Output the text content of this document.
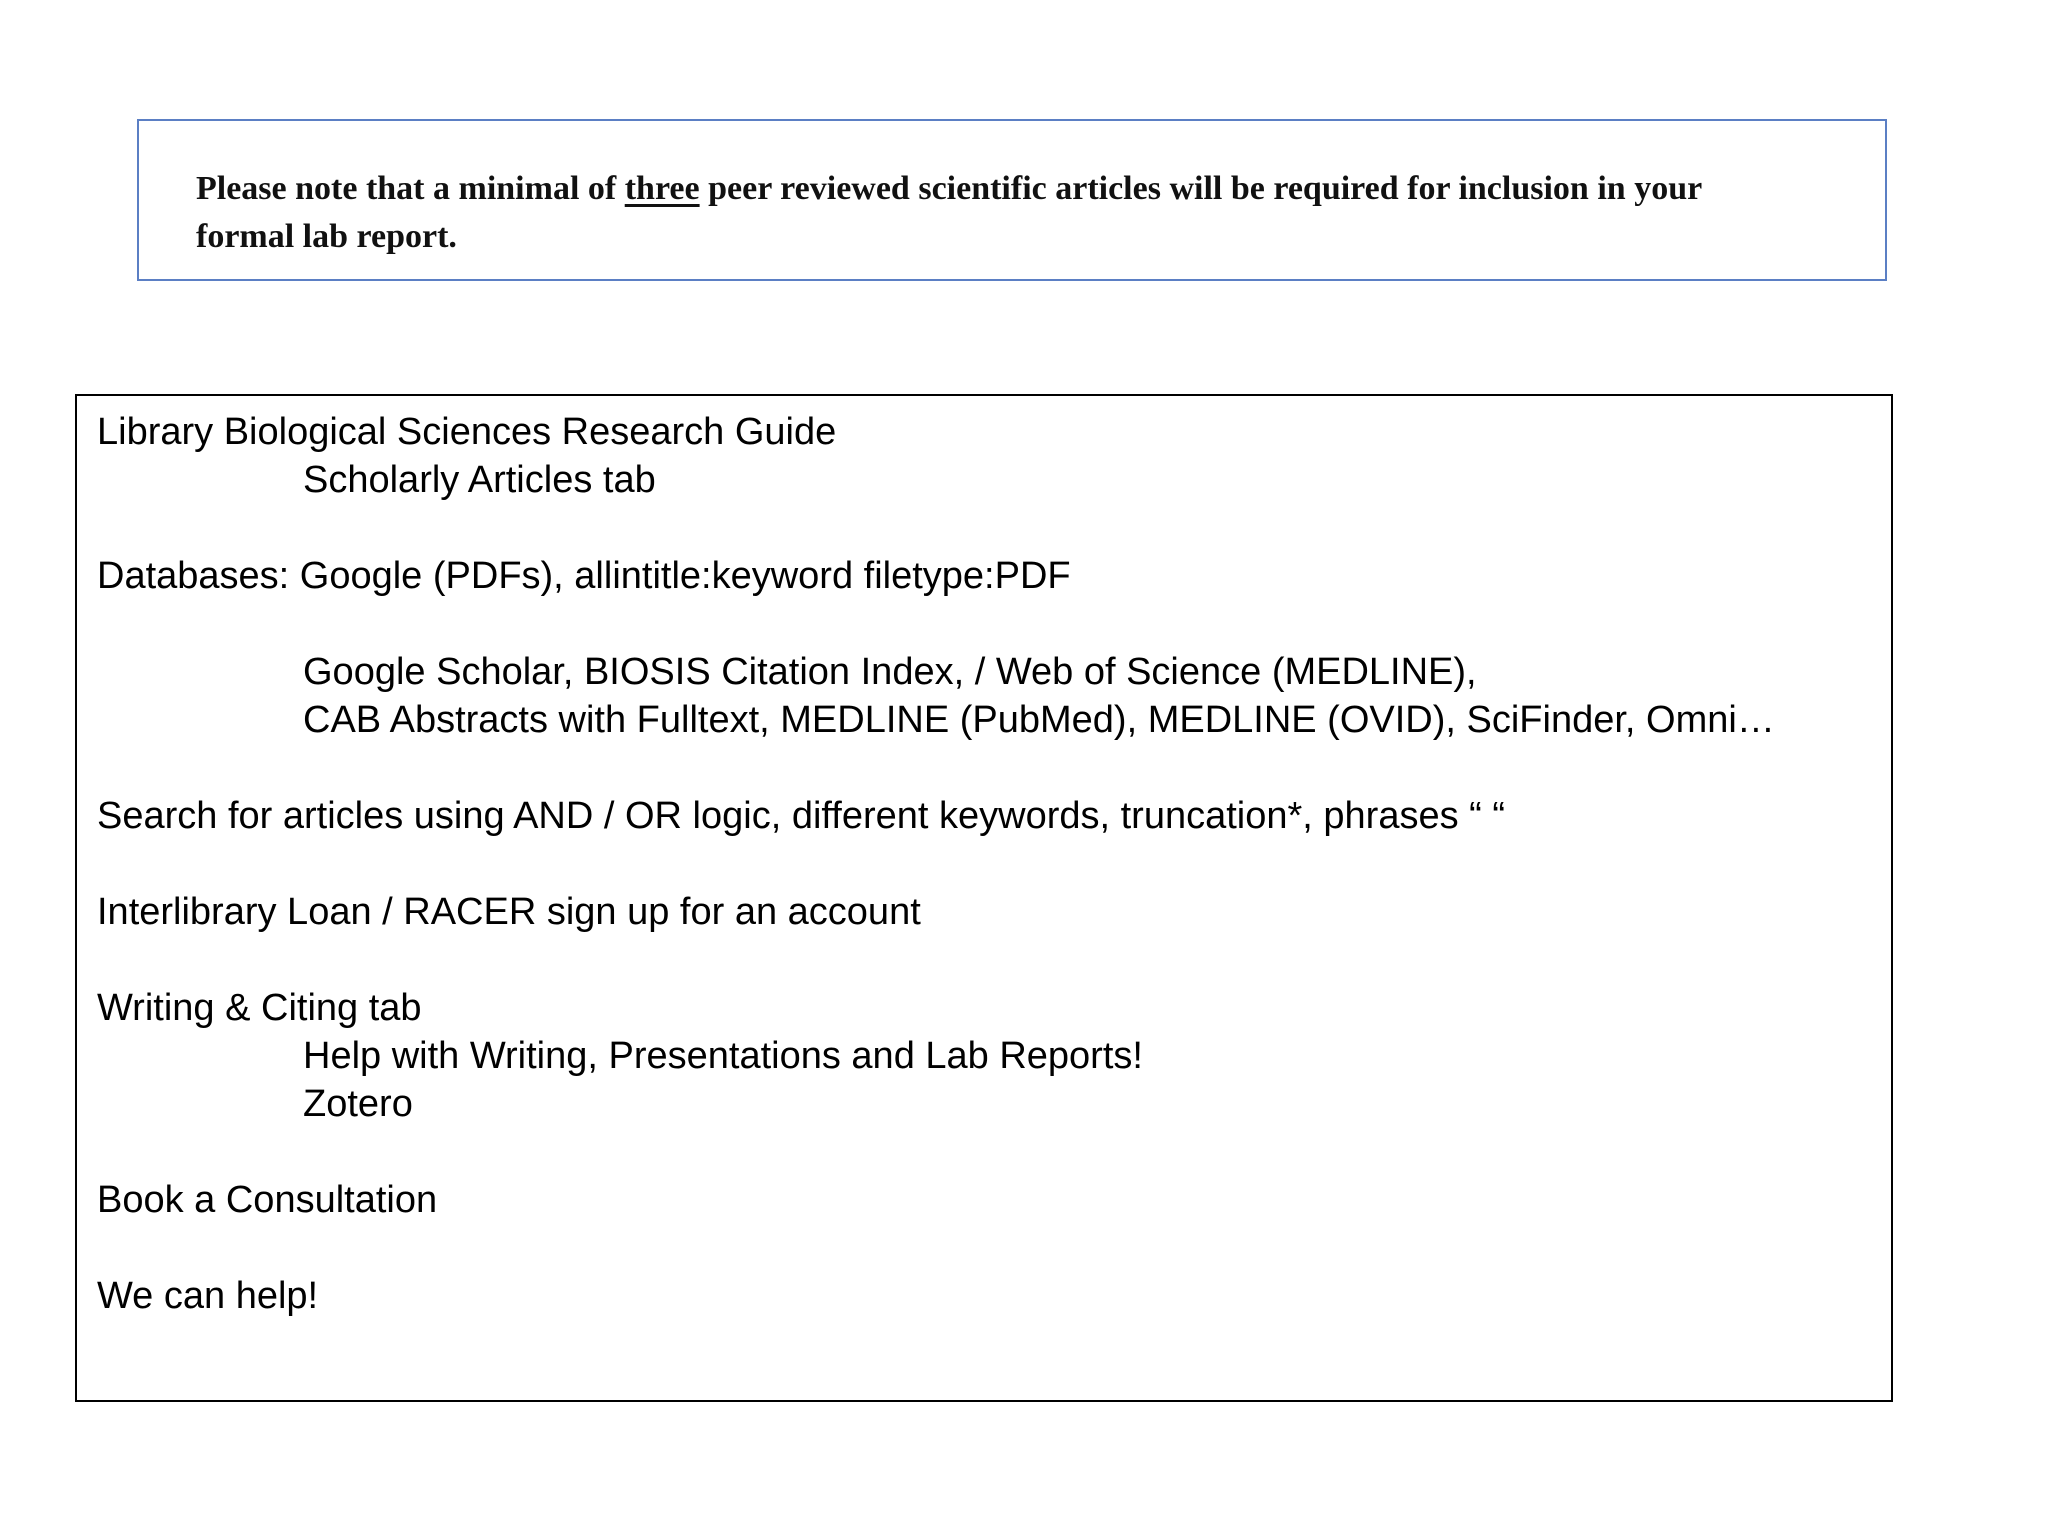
Please note that a minimal of three peer reviewed scientific articles will be required for inclusion in your
formal lab report.
Library Biological Sciences Research Guide
Scholarly Articles tab
Databases: Google (PDFs), allintitle:keyword filetype:PDF
Google Scholar, BIOSIS Citation Index, / Web of Science (MEDLINE),
CAB Abstracts with Fulltext, MEDLINE (PubMed), MEDLINE (OVID), SciFinder, Omni…
Search for articles using AND / OR logic, different keywords, truncation*, phrases “ “
Interlibrary Loan / RACER sign up for an account
Writing & Citing tab
Help with Writing, Presentations and Lab Reports!
Zotero
Book a Consultation
We can help!
